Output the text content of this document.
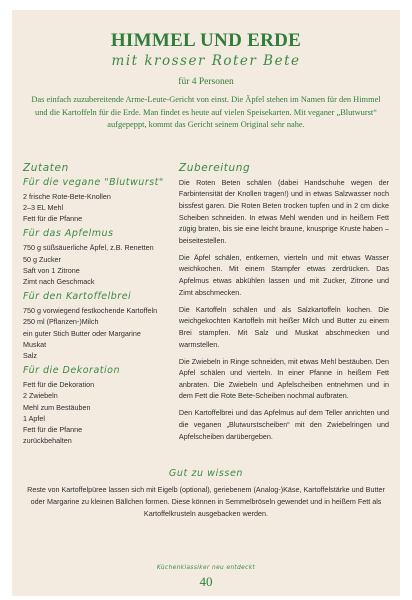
HIMMEL UND ERDE
mit krosser Roter Bete
für 4 Personen
Das einfach zuzubereitende Arme-Leute-Gericht von einst. Die Äpfel stehen im Namen für den Himmel und die Kartoffeln für die Erde. Man findet es heute auf vielen Speisekarten. Mit veganer „Blutwurst“ aufgepeppt, kommt das Gericht seinem Original sehr nahe.
Zutaten
Für die vegane "Blutwurst"
2 frische Rote-Bete-Knollen
2–3 EL Mehl
Fett für die Pfanne
Für das Apfelmus
750 g süßsäuerliche Äpfel, z.B. Renetten
50 g Zucker
Saft von 1 Zitrone
Zimt nach Geschmack
Für den Kartoffelbrei
750 g vorwiegend festkochende Kartoffeln
250 ml (Pflanzen-)Milch
ein guter Stich Butter oder Margarine
Muskat
Salz
Für die Dekoration
Fett für die Dekoration
2 Zwiebeln
Mehl zum Bestäuben
1 Apfel
Fett für die Pfanne
zurückbehalten
Zubereitung

Die Roten Beten schälen (dabei Handschuhe wegen der Farbintensität der Knollen tragen!) und in etwas Salzwasser noch bissfest garen. Die Roten Beten trocken tupfen und in 2 cm dicke Scheiben schneiden. In etwas Mehl wenden und in heißem Fett zügig braten, bis sie eine leicht braune, knusprige Kruste haben – beiseitestellen.

Die Äpfel schälen, entkernen, vierteln und mit etwas Wasser weichkochen. Mit einem Stampfer etwas zerdrücken. Das Apfelmus etwas abkühlen lassen und mit Zucker, Zitrone und Zimt abschmecken.

Die Kartoffeln schälen und als Salzkartoffeln kochen. Die weichgekochten Kartoffeln mit heißer Milch und Butter zu einem Brei stampfen. Mit Salz und Muskat abschmecken und warmstellen.

Die Zwiebeln in Ringe schneiden, mit etwas Mehl bestäuben. Den Apfel schälen und vierteln. In einer Pfanne in heißem Fett anbraten. Die Zwiebeln und Apfelscheiben entnehmen und in dem Fett die Rote Bete-Scheiben nochmal aufbraten.

Den Kartoffelbrei und das Apfelmus auf dem Teller anrichten und die veganen „Blutwurstscheiben“ mit den Zwiebelringen und Apfelscheiben darübergeben.

Gut zu wissen
Reste von Kartoffelpüree lassen sich mit Eigelb (optional), geriebenem (Analog-)Käse, Kartoffelstärke und Butter oder Margarine zu kleinen Bällchen formen. Diese können in Semmelbröseln gewendet und in heißem Fett als Kartoffelkrusteln ausgebacken werden.
Küchenklassiker neu entdeckt
40
